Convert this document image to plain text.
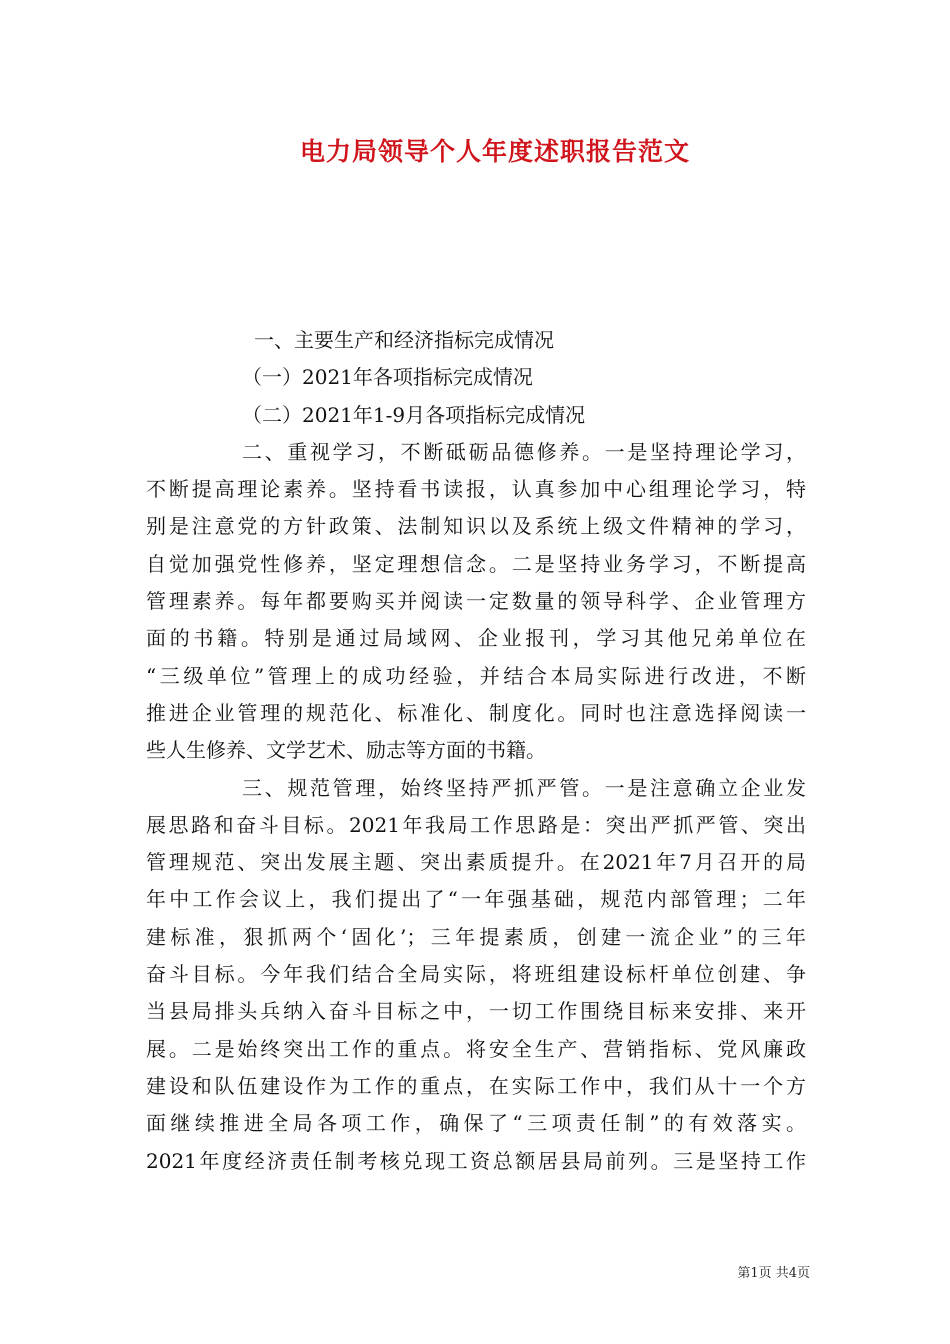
电力局领导个人年度述职报告范文
一、主要生产和经济指标完成情况
（一）2021年各项指标完成情况
（二）2021年1-9月各项指标完成情况
二、重视学习，不断砥砺品德修养。一是坚持理论学习，
不断提高理论素养。坚持看书读报，认真参加中心组理论学习，特
别是注意党的方针政策、法制知识以及系统上级文件精神的学习，
自觉加强党性修养，坚定理想信念。二是坚持业务学习，不断提高
管理素养。每年都要购买并阅读一定数量的领导科学、企业管理方
面的书籍。特别是通过局域网、企业报刊，学习其他兄弟单位在
“三级单位”管理上的成功经验，并结合本局实际进行改进，不断
推进企业管理的规范化、标准化、制度化。同时也注意选择阅读一
些人生修养、文学艺术、励志等方面的书籍。
三、规范管理，始终坚持严抓严管。一是注意确立企业发
展思路和奋斗目标。2021年我局工作思路是：突出严抓严管、突出
管理规范、突出发展主题、突出素质提升。在2021年7月召开的局
年中工作会议上，我们提出了“一年强基础，规范内部管理；二年
建标准，狠抓两个‘固化’；三年提素质，创建一流企业”的三年
奋斗目标。今年我们结合全局实际，将班组建设标杆单位创建、争
当县局排头兵纳入奋斗目标之中，一切工作围绕目标来安排、来开
展。二是始终突出工作的重点。将安全生产、营销指标、党风廉政
建设和队伍建设作为工作的重点，在实际工作中，我们从十一个方
面继续推进全局各项工作，确保了“三项责任制”的有效落实。
2021年度经济责任制考核兑现工资总额居县局前列。三是坚持工作
第1页 共4页
